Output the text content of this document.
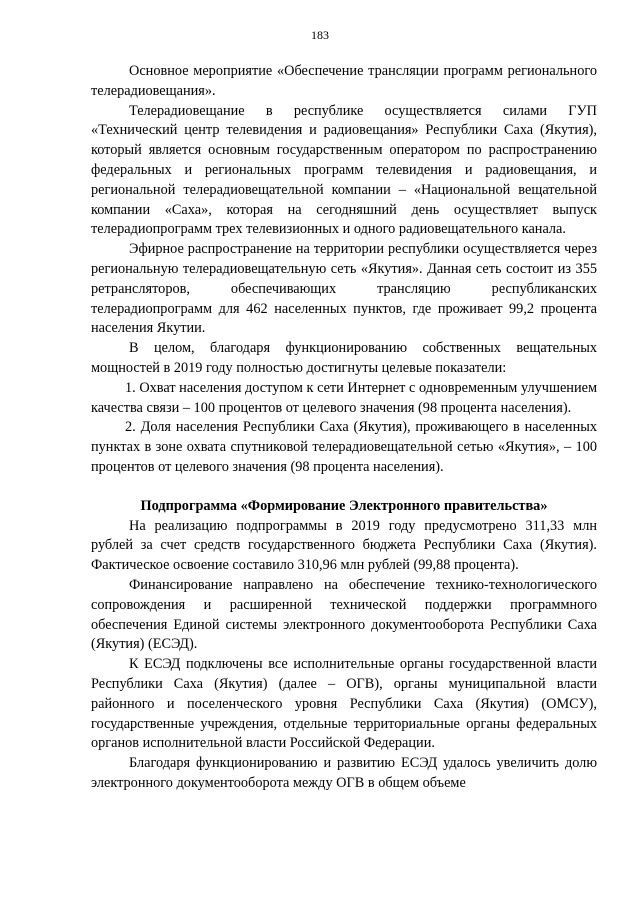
183

Основное мероприятие «Обеспечение трансляции программ регионального телерадиовещания».

Телерадиовещание в республике осуществляется силами ГУП «Технический центр телевидения и радиовещания» Республики Саха (Якутия), который является основным государственным оператором по распространению федеральных и региональных программ телевидения и радиовещания, и региональной телерадиовещательной компании – «Национальной вещательной компании «Саха», которая на сегодняшний день осуществляет выпуск телерадиопрограмм трех телевизионных и одного радиовещательного канала.

Эфирное распространение на территории республики осуществляется через региональную телерадиовещательную сеть «Якутия». Данная сеть состоит из 355 ретрансляторов, обеспечивающих трансляцию республиканских телерадиопрограмм для 462 населенных пунктов, где проживает 99,2 процента населения Якутии.

В целом, благодаря функционированию собственных вещательных мощностей в 2019 году полностью достигнуты целевые показатели:

1. Охват населения доступом к сети Интернет с одновременным улучшением качества связи – 100 процентов от целевого значения (98 процента населения).

2. Доля населения Республики Саха (Якутия), проживающего в населенных пунктах в зоне охвата спутниковой телерадиовещательной сетью «Якутия», – 100 процентов от целевого значения (98 процента населения).

Подпрограмма «Формирование Электронного правительства»

На реализацию подпрограммы в 2019 году предусмотрено 311,33 млн рублей за счет средств государственного бюджета Республики Саха (Якутия). Фактическое освоение составило 310,96 млн рублей (99,88 процента).

Финансирование направлено на обеспечение технико-технологического сопровождения и расширенной технической поддержки программного обеспечения Единой системы электронного документооборота Республики Саха (Якутия) (ЕСЭД).

К ЕСЭД подключены все исполнительные органы государственной власти Республики Саха (Якутия) (далее – ОГВ), органы муниципальной власти районного и поселенческого уровня Республики Саха (Якутия) (ОМСУ), государственные учреждения, отдельные территориальные органы федеральных органов исполнительной власти Российской Федерации.

Благодаря функционированию и развитию ЕСЭД удалось увеличить долю электронного документооборота между ОГВ в общем объеме
